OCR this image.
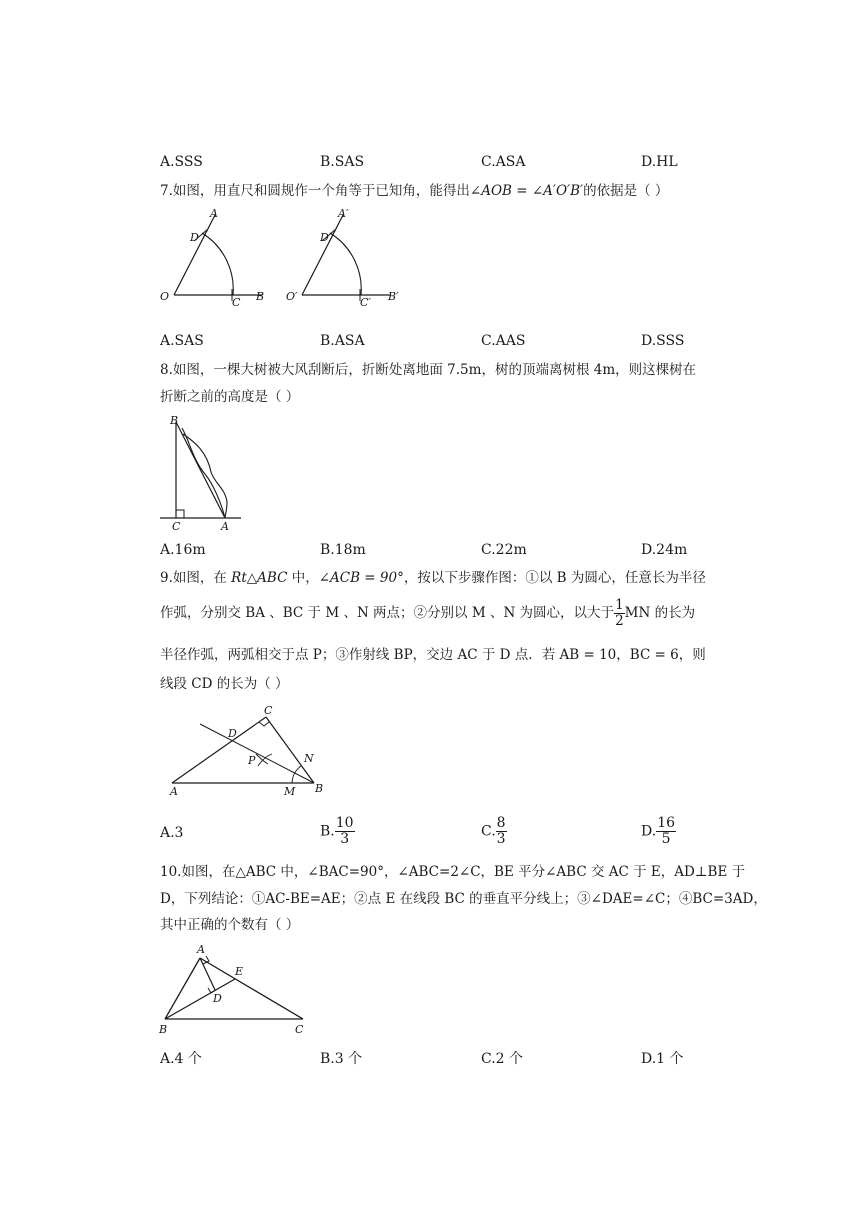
A.SSS	B.SAS	C.ASA	D.HL
7.如图，用直尺和圆规作一个角等于已知角，能得出∠AOB = ∠A′O′B′的依据是（ ）
A
D
O	C B
A′
D′
O′	C′ B′
A.SAS	B.ASA	C.AAS	D.SSS
8.如图，一棵大树被大风刮断后，折断处离地面 7.5m，树的顶端离树根 4m，则这棵树在
折断之前的高度是（ ）
B
C	A
A.16m	B.18m	C.22m	D.24m
9.如图，在 Rt△ABC 中，∠ACB = 90°，按以下步骤作图：①以 B 为圆心，任意长为半径
作弧，分别交 BA 、BC 于 M 、N 两点；②分别以 M 、N 为圆心，以大于 $\frac{1}{2}$ MN 的长为
半径作弧，两弧相交于点 P；③作射线 BP，交边 AC 于 D 点．若 AB = 10，BC = 6，则
线段 CD 的长为（ ）
C
D
P	N
A	M B
A.3	B. $\frac{10}{3}$	C. $\frac{8}{3}$	D. $\frac{16}{5}$
10.如图，在△ABC 中，∠BAC=90°，∠ABC=2∠C，BE 平分∠ABC 交 AC 于 E，AD⊥BE 于
D，下列结论：①AC-BE=AE；②点 E 在线段 BC 的垂直平分线上；③∠DAE=∠C；④BC=3AD，
其中正确的个数有（ ）
A
E
D
B	C
A.4 个	B.3 个	C.2 个	D.1 个
